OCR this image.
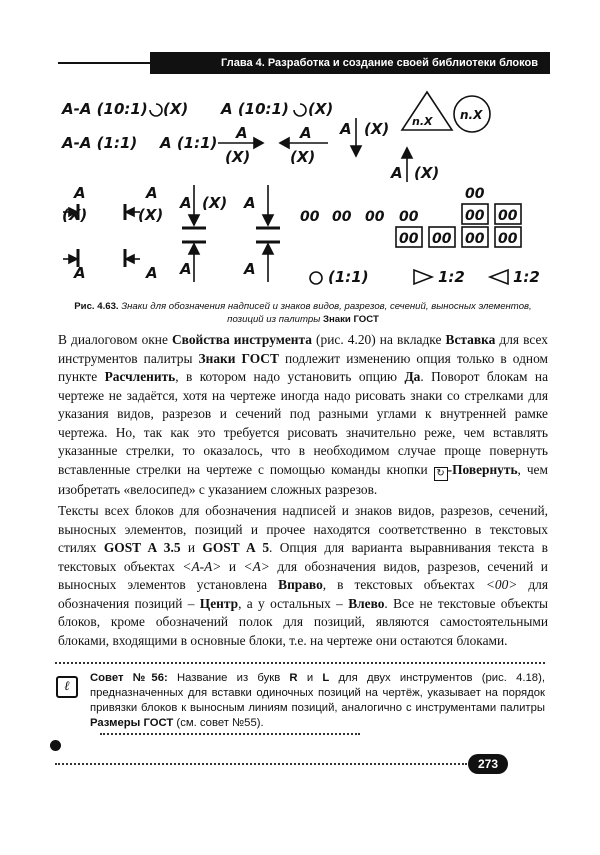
Глава 4. Разработка и создание своей библиотеки блоков
А-А (10:1) (Х) А (10:1) (Х)
А-А (1:1) А (1:1)
А
(Х)
А
(Х)
А (Х) n.X n.X
А (Х)
А
(Х)
А
(Х)
А (Х) А
А	А А	А
00 00 00 00
00 00
00
00
00
00
00
(1:1)	1:2	1:2
Рис. 4.63. Знаки для обозначения надписей и знаков видов, разрезов, сечений, выносных элементов, позиций из палитры Знаки ГОСТ

В диалоговом окне Свойства инструмента (рис. 4.20) на вкладке Вставка для всех инструментов палитры Знаки ГОСТ подлежит изменению опция только в одном пункте Расчленить, в котором надо установить опцию Да. Поворот блокам на чертеже не задаётся, хотя на чертеже иногда надо рисовать знаки со стрелками для указания видов, разрезов и сечений под разными углами к внутренней рамке чертежа. Но, так как это требуется рисовать значительно реже, чем вставлять указанные стрелки, то оказалось, что в необходимом случае проще повернуть вставленные стрелки на чертеже с помощью команды кнопки ↻ -Повернуть, чем изобретать «велосипед» с указанием сложных разрезов.

Тексты всех блоков для обозначения надписей и знаков видов, разрезов, сечений, выносных элементов, позиций и прочее находятся соответственно в текстовых стилях GOST A 3.5 и GOST A 5. Опция для варианта выравнивания текста в текстовых объектах <A-A> и <A> для обозначения видов, разрезов, сечений и выносных элементов установлена Вправо, в текстовых объектах <00> для обозначения позиций – Центр, а у остальных – Влево. Все не текстовые объекты блоков, кроме обозначений полок для позиций, являются самостоятельными блоками, входящими в основные блоки, т.е. на чертеже они остаются блоками.

ℓ

Совет №56: Название из букв R и L для двух инструментов (рис. 4.18), предназначенных для вставки одиночных позиций на чертёж, указывает на порядок привязки блоков к выносным линиям позиций, аналогично с инструментами палитры Размеры ГОСТ (см. совет №55).

273
